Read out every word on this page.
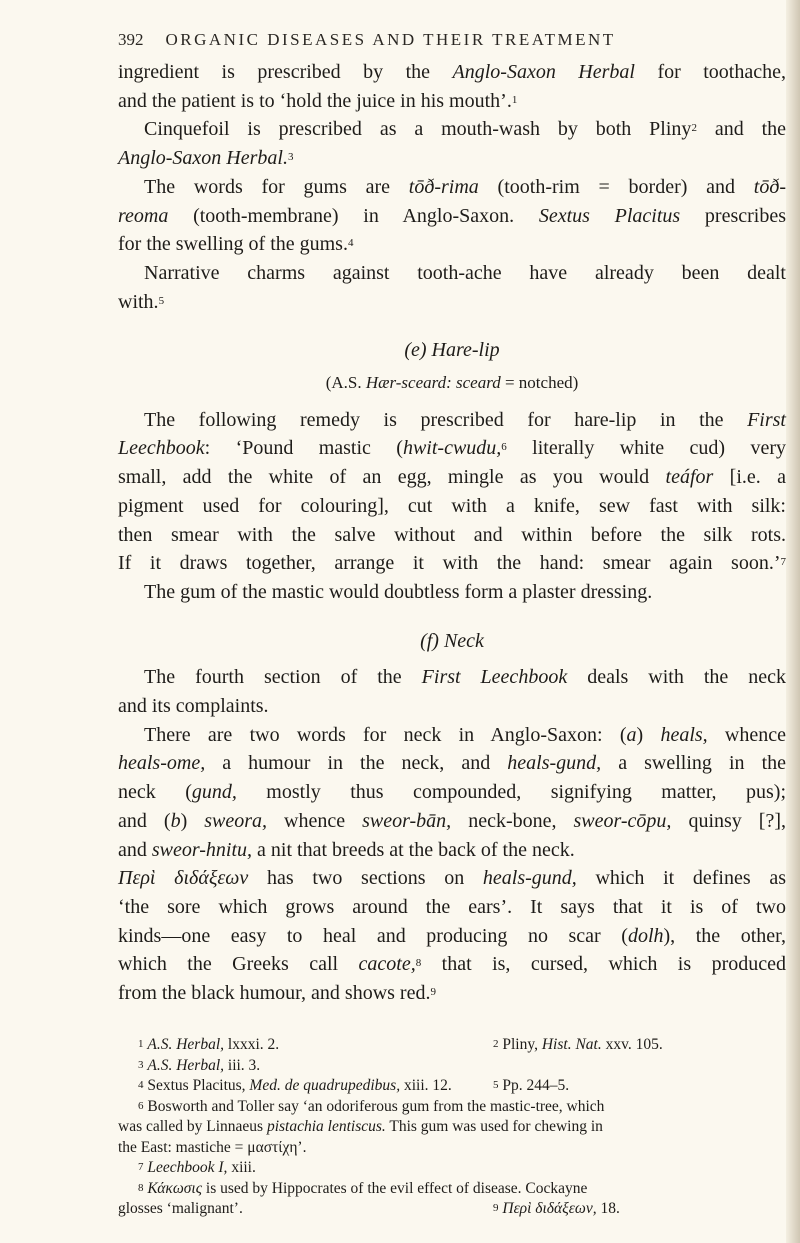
392 ORGANIC DISEASES AND THEIR TREATMENT

ingredient is prescribed by the Anglo-Saxon Herbal for toothache,

and the patient is to ‘hold the juice in his mouth’.$^1$

Cinquefoil is prescribed as a mouth-wash by both Pliny$^2$ and the

Anglo-Saxon Herbal.$^3$

The words for gums are tōð-rima (tooth-rim = border) and tōð-

reoma (tooth-membrane) in Anglo-Saxon. Sextus Placitus prescribes

for the swelling of the gums.$^4$

Narrative charms against tooth-ache have already been dealt

with.$^5$

(e) Hare-lip

(A.S. Hær-sceard: sceard = notched)

The following remedy is prescribed for hare-lip in the First

Leechbook: ‘Pound mastic (hwit-cwudu,$^6$ literally white cud) very

small, add the white of an egg, mingle as you would teáfor [i.e. a

pigment used for colouring], cut with a knife, sew fast with silk:

then smear with the salve without and within before the silk rots.

If it draws together, arrange it with the hand: smear again soon.’$^7$

The gum of the mastic would doubtless form a plaster dressing.

(f) Neck

The fourth section of the First Leechbook deals with the neck

and its complaints.

There are two words for neck in Anglo-Saxon: (a) heals, whence

heals-ome, a humour in the neck, and heals-gund, a swelling in the

neck (gund, mostly thus compounded, signifying matter, pus);

and (b) sweora, whence sweor-bān, neck-bone, sweor-cōpu, quinsy [?],

and sweor-hnitu, a nit that breeds at the back of the neck.

Περὶ διδάξεων has two sections on heals-gund, which it defines as

‘the sore which grows around the ears’. It says that it is of two

kinds—one easy to heal and producing no scar (dolh), the other,

which the Greeks call cacote,$^8$ that is, cursed, which is produced

from the black humour, and shows red.$^9$

$^1$ A.S. Herbal, lxxxi. 2.	$^2$ Pliny, Hist. Nat. xxv. 105.

$^3$ A.S. Herbal, iii. 3.

$^4$ Sextus Placitus, Med. de quadrupedibus, xiii. 12.	$^5$ Pp. 244–5.

$^6$ Bosworth and Toller say ‘an odoriferous gum from the mastic-tree, which

was called by Linnaeus pistachia lentiscus. This gum was used for chewing in

the East: mastiche = μαστίχη’.

$^7$ Leechbook I, xiii.

$^8$ Κάκωσις is used by Hippocrates of the evil effect of disease. Cockayne

glosses ‘malignant’.	$^9$ Περὶ διδάξεων, 18.
